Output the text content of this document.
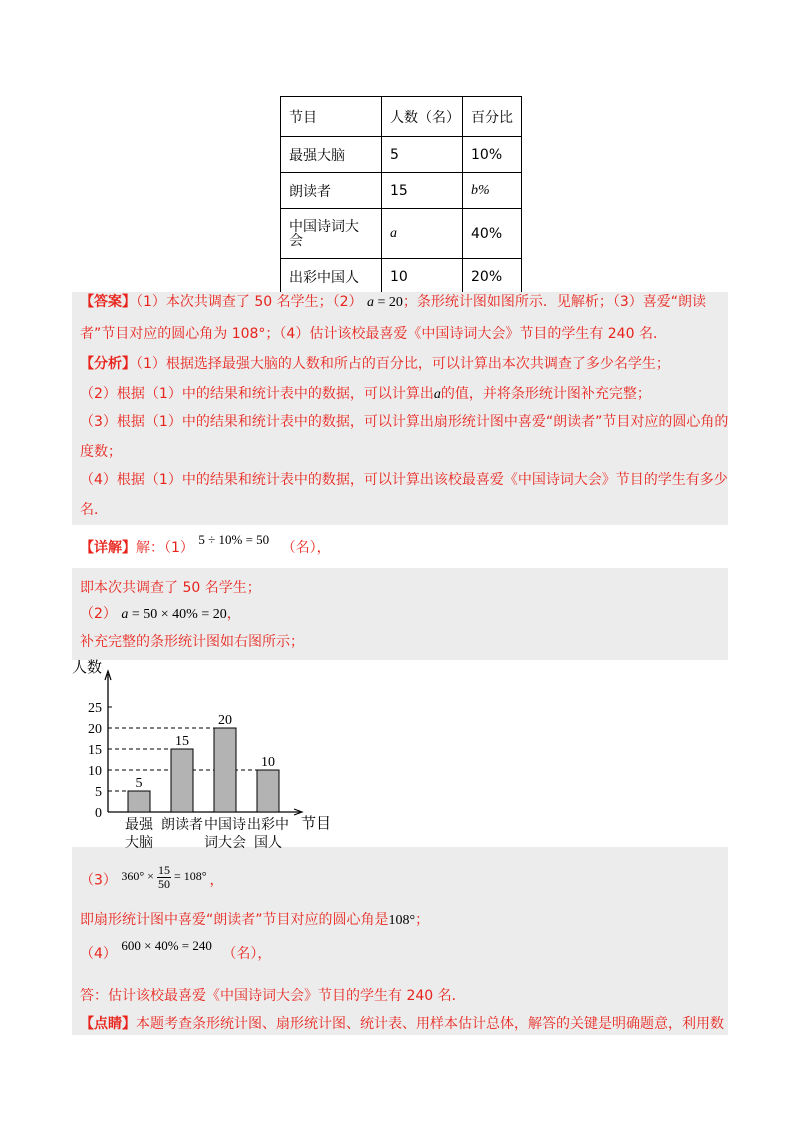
节目	人数（名）	百分比
最强大脑	5	10%
朗读者	15	b%

中国诗词大会	a	40%
出彩中国人	10	20%
【答案】（1）本次共调查了 50 名学生；（2） a = 20；条形统计图如图所示．见解析；（3）喜爱“朗读
者”节目对应的圆心角为 108°；（4）估计该校最喜爱《中国诗词大会》节目的学生有 240 名．
【分析】（1）根据选择最强大脑的人数和所占的百分比，可以计算出本次共调查了多少名学生；
（2）根据（1）中的结果和统计表中的数据，可以计算出a的值，并将条形统计图补充完整；
（3）根据（1）中的结果和统计表中的数据，可以计算出扇形统计图中喜爱“朗读者”节目对应的圆心角的
度数；
（4）根据（1）中的结果和统计表中的数据，可以计算出该校最喜爱《中国诗词大会》节目的学生有多少
名．
【详解】解：（1） 5 ÷ 10% = 50 （名），
即本次共调查了 50 名学生；
（2） a = 50 × 40% = 20，
补充完整的条形统计图如右图所示；
人数
节目
0
5
10
15
20
25
5
最强
大脑
15
朗读者
20
中国诗
词大会
10
出彩中
国人
（3） $360^\circ \times \frac{15}{50} = 108^\circ$ ，
即扇形统计图中喜爱“朗读者”节目对应的圆心角是108°；
（4） 600 × 40% = 240 （名），
答：估计该校最喜爱《中国诗词大会》节目的学生有 240 名．
【点睛】本题考查条形统计图、扇形统计图、统计表、用样本估计总体，解答的关键是明确题意，利用数
